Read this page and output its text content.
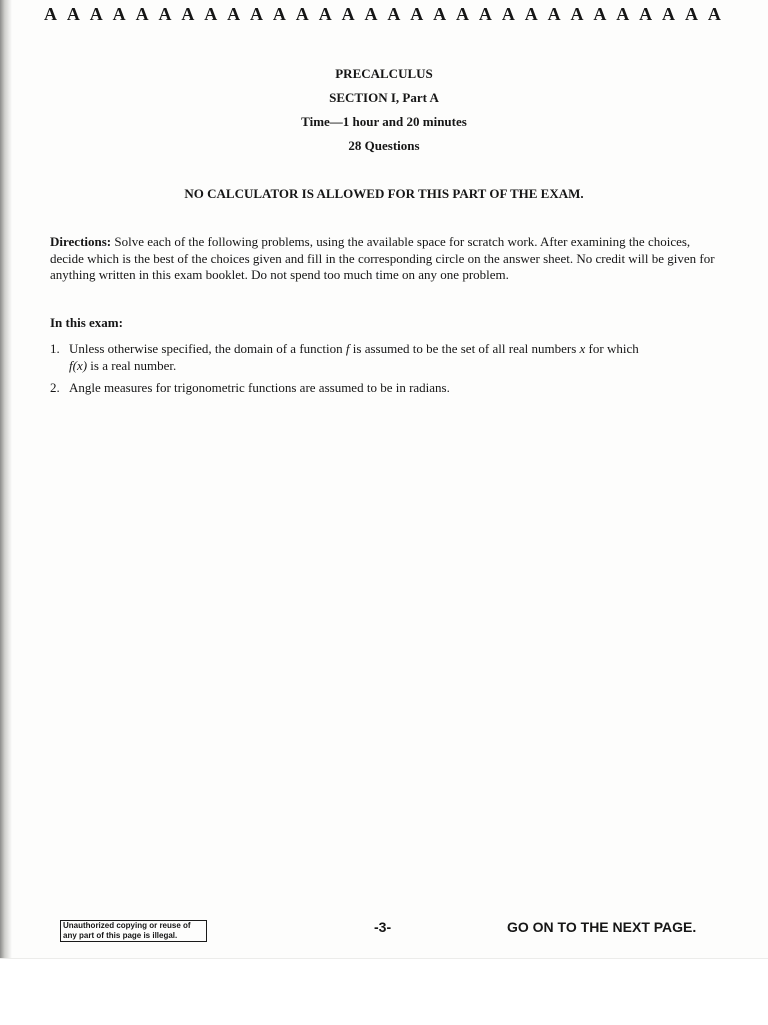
A A A A A A A A A A A A A A A A A A A A A A A A A A A A A A
PRECALCULUS
SECTION I, Part A
Time—1 hour and 20 minutes
28 Questions
NO CALCULATOR IS ALLOWED FOR THIS PART OF THE EXAM.
Directions: Solve each of the following problems, using the available space for scratch work. After examining the choices, decide which is the best of the choices given and fill in the corresponding circle on the answer sheet. No credit will be given for anything written in this exam booklet. Do not spend too much time on any one problem.
In this exam:
1. Unless otherwise specified, the domain of a function f is assumed to be the set of all real numbers x for which
f(x) is a real number.
2. Angle measures for trigonometric functions are assumed to be in radians.
Unauthorized copying or reuse of
any part of this page is illegal.
-3-	GO ON TO THE NEXT PAGE.
